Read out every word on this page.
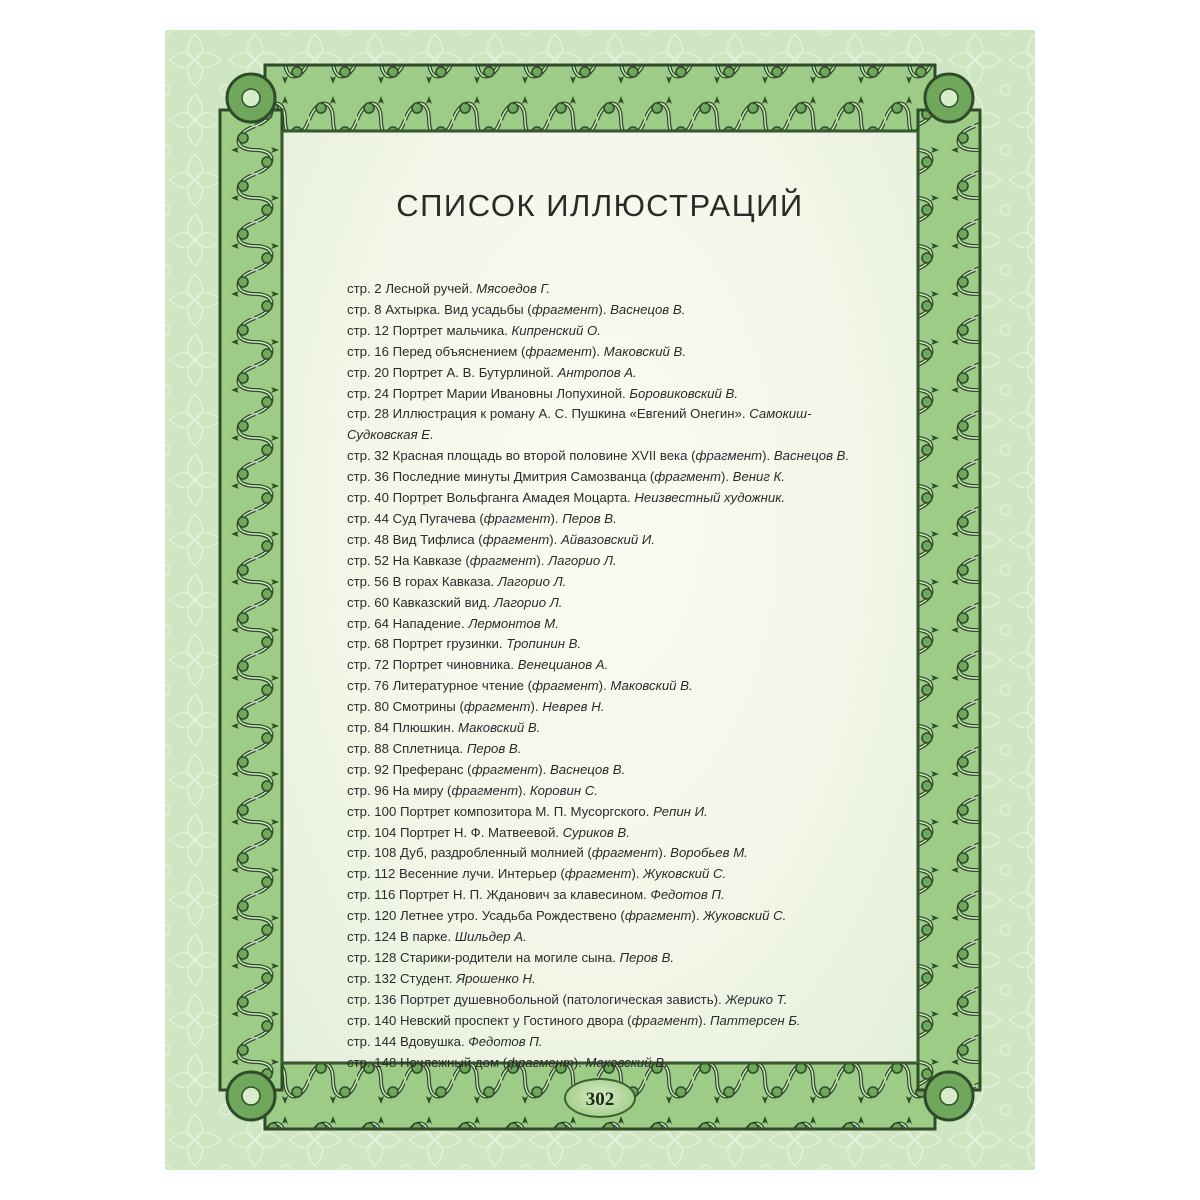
СПИСОК ИЛЛЮСТРАЦИЙ
стр. 2 Лесной ручей. Мясоедов Г.
стр. 8 Ахтырка. Вид усадьбы (фрагмент). Васнецов В.
стр. 12 Портрет мальчика. Кипренский О.
стр. 16 Перед объяснением (фрагмент). Маковский В.
стр. 20 Портрет А. В. Бутурлиной. Антропов А.
стр. 24 Портрет Марии Ивановны Лопухиной. Боровиковский В.
стр. 28 Иллюстрация к роману А. С. Пушкина «Евгений Онегин». Самокиш-Судковская Е.
стр. 32 Красная площадь во второй половине XVII века (фрагмент). Васнецов В.
стр. 36 Последние минуты Дмитрия Самозванца (фрагмент). Вениг К.
стр. 40 Портрет Вольфганга Амадея Моцарта. Неизвестный художник.
стр. 44 Суд Пугачева (фрагмент). Перов В.
стр. 48 Вид Тифлиса (фрагмент). Айвазовский И.
стр. 52 На Кавказе (фрагмент). Лагорио Л.
стр. 56 В горах Кавказа. Лагорио Л.
стр. 60 Кавказский вид. Лагорио Л.
стр. 64 Нападение. Лермонтов М.
стр. 68 Портрет грузинки. Тропинин В.
стр. 72 Портрет чиновника. Венецианов А.
стр. 76 Литературное чтение (фрагмент). Маковский В.
стр. 80 Смотрины (фрагмент). Неврев Н.
стр. 84 Плюшкин. Маковский В.
стр. 88 Сплетница. Перов В.
стр. 92 Преферанс (фрагмент). Васнецов В.
стр. 96 На миру (фрагмент). Коровин С.
стр. 100 Портрет композитора М. П. Мусоргского. Репин И.
стр. 104 Портрет Н. Ф. Матвеевой. Суриков В.
стр. 108 Дуб, раздробленный молнией (фрагмент). Воробьев М.
стр. 112 Весенние лучи. Интерьер (фрагмент). Жуковский С.
стр. 116 Портрет Н. П. Жданович за клавесином. Федотов П.
стр. 120 Летнее утро. Усадьба Рождествено (фрагмент). Жуковский С.
стр. 124 В парке. Шильдер А.
стр. 128 Старики-родители на могиле сына. Перов В.
стр. 132 Студент. Ярошенко Н.
стр. 136 Портрет душевнобольной (патологическая зависть). Жерико Т.
стр. 140 Невский проспект у Гостиного двора (фрагмент). Паттерсен Б.
стр. 144 Вдовушка. Федотов П.
стр. 148 Ночлежный дом (фрагмент). Маковский В.
302
